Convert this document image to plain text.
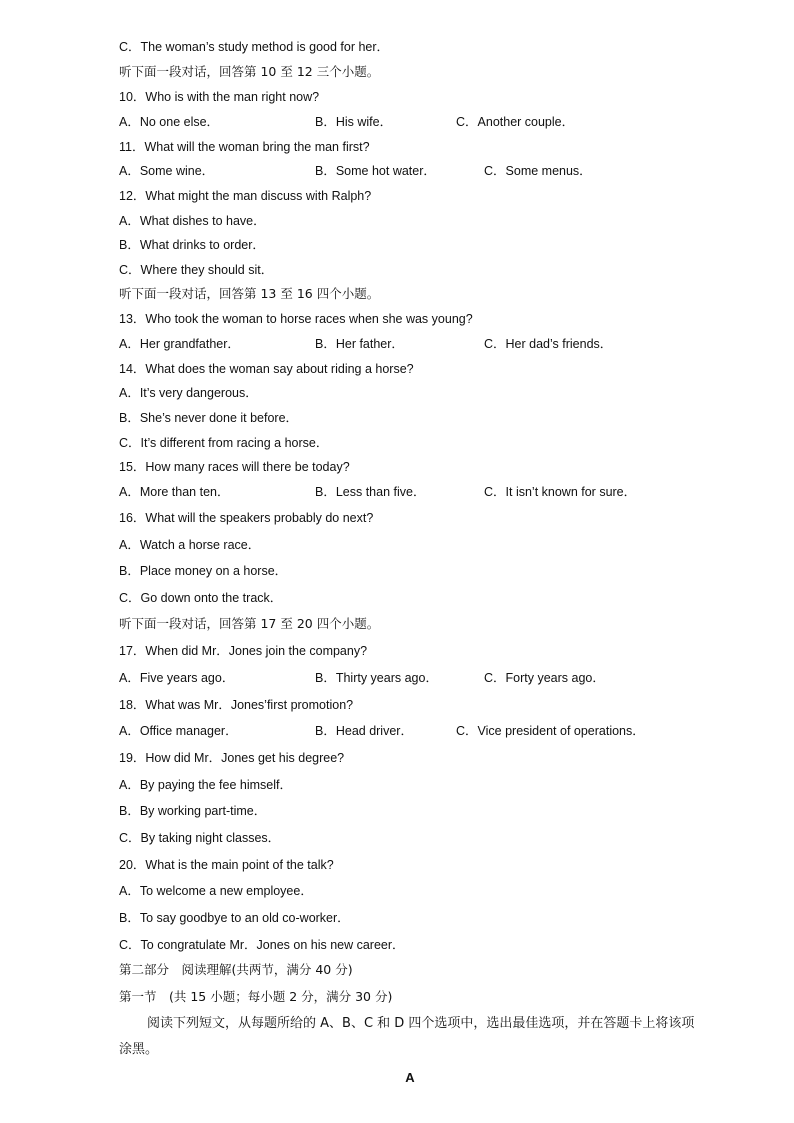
C．The woman’s study method is good for her．
听下面一段对话，回答第 10 至 12 三个小题。
10．Who is with the man right now?
A．No one else．	B．His wife．	C．Another couple．
11．What will the woman bring the man first?
A．Some wine．	B．Some hot water．	C．Some menus．
12．What might the man discuss with Ralph?
A．What dishes to have．
B．What drinks to order．
C．Where they should sit．
听下面一段对话，回答第 13 至 16 四个小题。
13．Who took the woman to horse races when she was young?
A．Her grandfather．	B．Her father．	C．Her dad’s friends．
14．What does the woman say about riding a horse?
A．It’s very dangerous．
B．She’s never done it before．
C．It’s different from racing a horse．
15．How many races will there be today?
A．More than ten．	B．Less than five．	C．It isn’t known for sure．
16．What will the speakers probably do next?
A．Watch a horse race．
B．Place money on a horse．
C．Go down onto the track．
听下面一段对话，回答第 17 至 20 四个小题。
17．When did Mr．Jones join the company?
A．Five years ago．	B．Thirty years ago．	C．Forty years ago．
18．What was Mr．Jones’first promotion?
A．Office manager．	B．Head driver．	C．Vice president of operations．
19．How did Mr．Jones get his degree?
A．By paying the fee himself．
B．By working part-time．
C．By taking night classes．
20．What is the main point of the talk?
A．To welcome a new employee．
B．To say goodbye to an old co-worker．
C．To congratulate Mr．Jones on his new career．
第二部分　阅读理解(共两节，满分 40 分)
第一节　(共 15 小题；每小题 2 分，满分 30 分)
阅读下列短文，从每题所给的 A、B、C 和 D 四个选项中，选出最佳选项，并在答题卡上将该项涂黑。
A
